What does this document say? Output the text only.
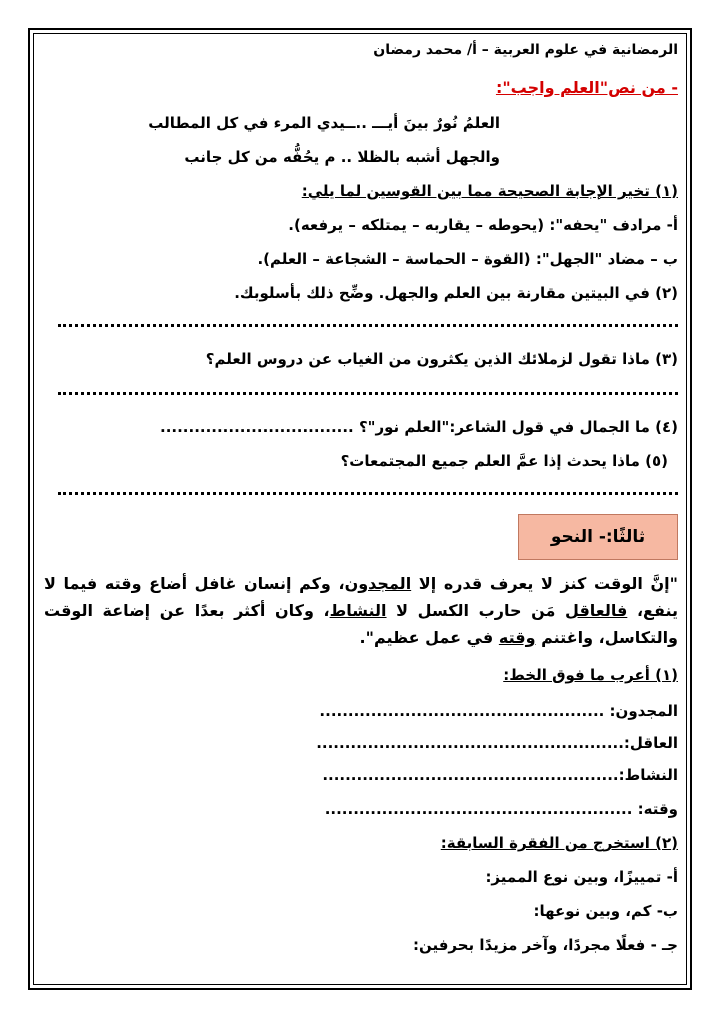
الرمضانية في علوم العربية – أ/ محمد رمضان
- من نص"العلم واجب":
العلمُ نُورٌ بينَ أيـــ ..ــيدي المرء في كل المطالب
والجهل أشبه بالظلا .. م يحُفُّه من كل جانب
(١) تخير الإجابة الصحيحة مما بين القوسين لما يلي:
أ- مرادف "يحفه": (يحوطه – يقاربه – يمتلكه – يرفعه).
ب – مضاد "الجهل": (القوة – الحماسة – الشجاعة – العلم).
(٢) في البيتين مقارنة بين العلم والجهل. وضِّح ذلك بأسلوبك.
(٣) ماذا تقول لزملائك الذين يكثرون من الغياب عن دروس العلم؟
(٤) ما الجمال في قول الشاعر:"العلم نور"؟ ..................................
(٥) ماذا يحدث إذا عمَّ العلم جميع المجتمعات؟
ثالثًا:- النحو
"إنَّ الوقت كنز لا يعرف قدره إلا المجدون، وكم إنسان غافل أضاع وقته فيما لا ينفع، فالعاقل مَن حارب الكسل لا النشاط، وكان أكثر بعدًا عن إضاعة الوقت والتكاسل، واغتنم وقته في عمل عظيم".
(١) أعرب ما فوق الخط:
المجدون: ..................................................
العاقل:......................................................
النشاط:....................................................
وقته: ......................................................
(٢) استخرج من الفقرة السابقة:
أ- تمييزًا، وبين نوع المميز:
ب- كم، وبين نوعها:
جـ - فعلًا مجردًا، وآخر مزيدًا بحرفين:
